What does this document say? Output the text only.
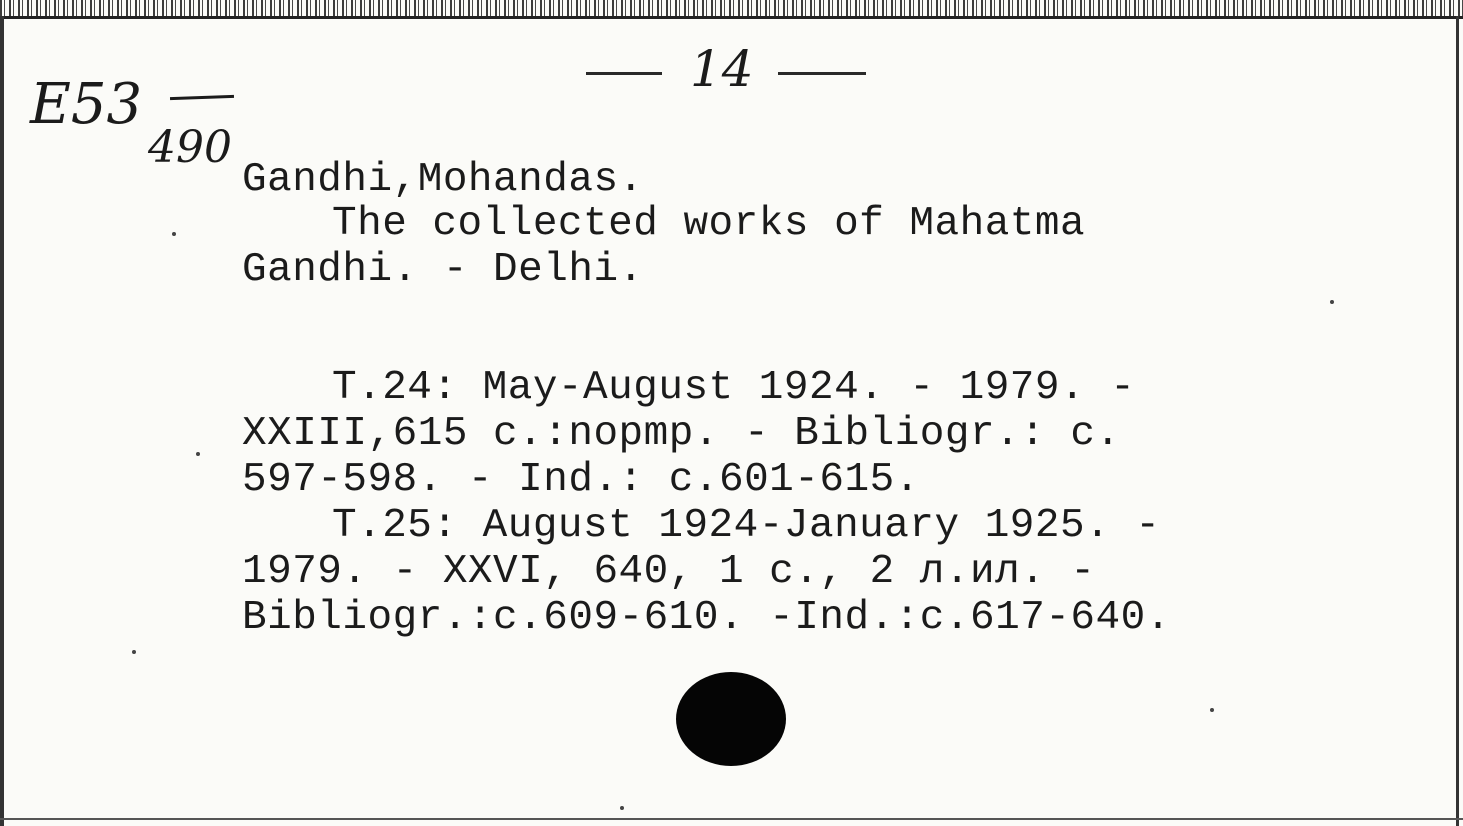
E53
490
14

Gandhi,Mohandas.

The collected works of Mahatma

Gandhi. - Delhi.

T.24: May-August 1924. - 1979. -

XXIII,615 c.:nopmp. - Bibliogr.: c.

597-598. - Ind.: c.601-615.

T.25: August 1924-January 1925. -

1979. - XXVI, 640, 1 c., 2 л.ил. -

Bibliogr.:c.609-610. -Ind.:c.617-640.
